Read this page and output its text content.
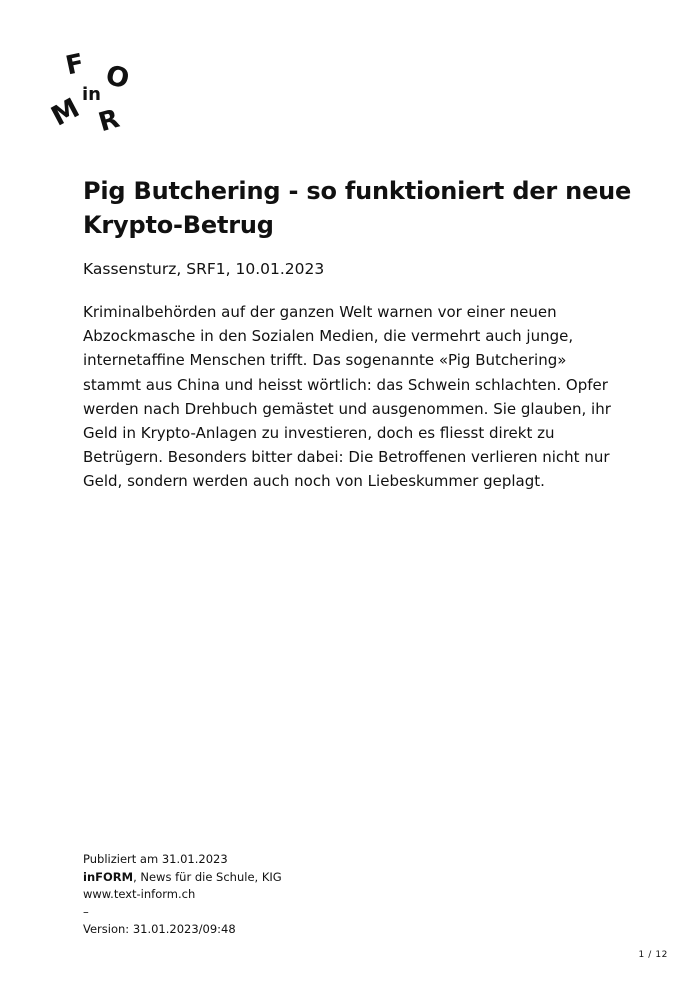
F O
in
M R
Pig Butchering - so funktioniert der neue Krypto-Betrug

Kassensturz, SRF1, 10.01.2023

Kriminalbehörden auf der ganzen Welt warnen vor einer neuen
Abzockmasche in den Sozialen Medien, die vermehrt auch junge,
internetaffine Menschen trifft. Das sogenannte «Pig Butchering»
stammt aus China und heisst wörtlich: das Schwein schlachten. Opfer
werden nach Drehbuch gemästet und ausgenommen. Sie glauben, ihr
Geld in Krypto-Anlagen zu investieren, doch es fliesst direkt zu
Betrügern. Besonders bitter dabei: Die Betroffenen verlieren nicht nur
Geld, sondern werden auch noch von Liebeskummer geplagt.

Publiziert am 31.01.2023
inFORM, News für die Schule, KIG
www.text-inform.ch
–
Version: 31.01.2023/09:48
1 / 12
